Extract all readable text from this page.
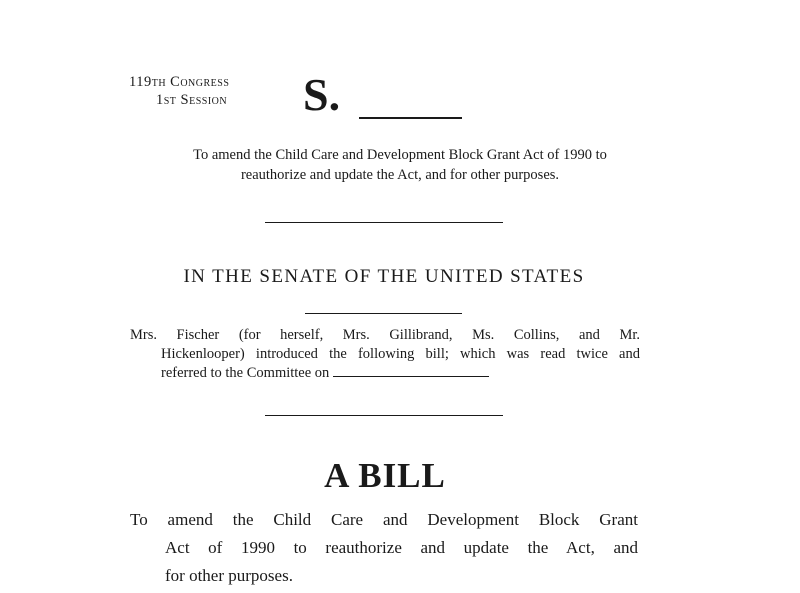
119th Congress
1st Session S.
To amend the Child Care and Development Block Grant Act of 1990 to
reauthorize and update the Act, and for other purposes.
IN THE SENATE OF THE UNITED STATES
Mrs. Fischer (for herself, Mrs. Gillibrand, Ms. Collins, and Mr.
Hickenlooper) introduced the following bill; which was read twice and
referred to the Committee on
A BILL
To amend the Child Care and Development Block Grant
Act of 1990 to reauthorize and update the Act, and
for other purposes.
